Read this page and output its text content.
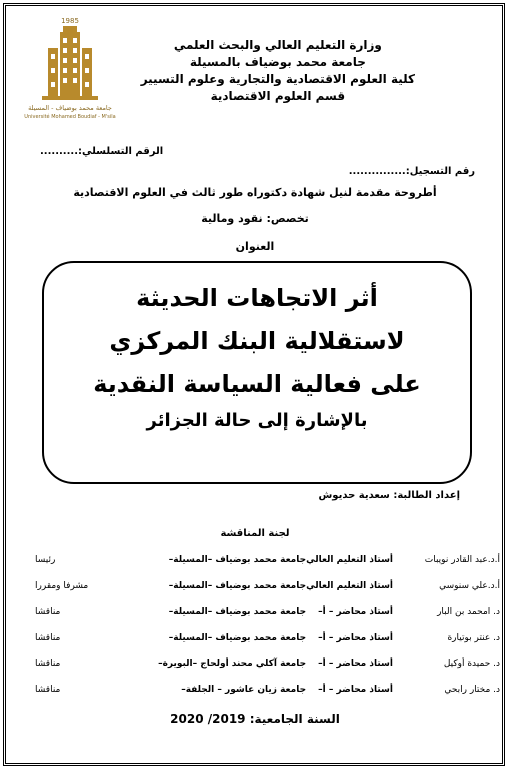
1985
جامعة محمد بوضياف - المسيلة
Université Mohamed Boudiaf - M'sila
وزارة التعليم العالي والبحث العلمي
جامعة محمد بوضياف بالمسيلة
كلية العلوم الاقتصادية والتجارية وعلوم التسيير
قسم العلوم الاقتصادية
الرقم التسلسلي:..........
رقم التسجيل:...............
أطروحة مقدمة لنيل شهادة دكتوراه طور ثالث في العلوم الاقتصادية
تخصص: نقود ومالية
العنوان
أثر الاتجاهات الحديثة
لاستقلالية البنك المركزي
على فعالية السياسة النقدية
بالإشارة إلى حالة الجزائر
إعداد الطالبة: سعدية حديوش
لجنة المناقشة
أ.د.عبد القادر نويبات	أستاذ التعليم العالي	جامعة محمد بوضياف –المسيلة–	رئيسا
أ.د.علي سنوسي	أستاذ التعليم العالي	جامعة محمد بوضياف –المسيلة–	مشرفا ومقررا
د. امحمد بن البار	أستاذ محاضر – أ–	جامعة محمد بوضياف –المسيلة–	مناقشا
د. عنتر بوتيارة	أستاذ محاضر – أ–	جامعة محمد بوضياف –المسيلة–	مناقشا
د. حميدة أوكيل	أستاذ محاضر – أ–	جامعة آكلي محند أولحاج –البويرة–	مناقشا
د. مختار رابحي	أستاذ محاضر – أ–	جامعة زيان عاشور – الجلفة–	مناقشا
السنة الجامعية: 2019/ 2020
